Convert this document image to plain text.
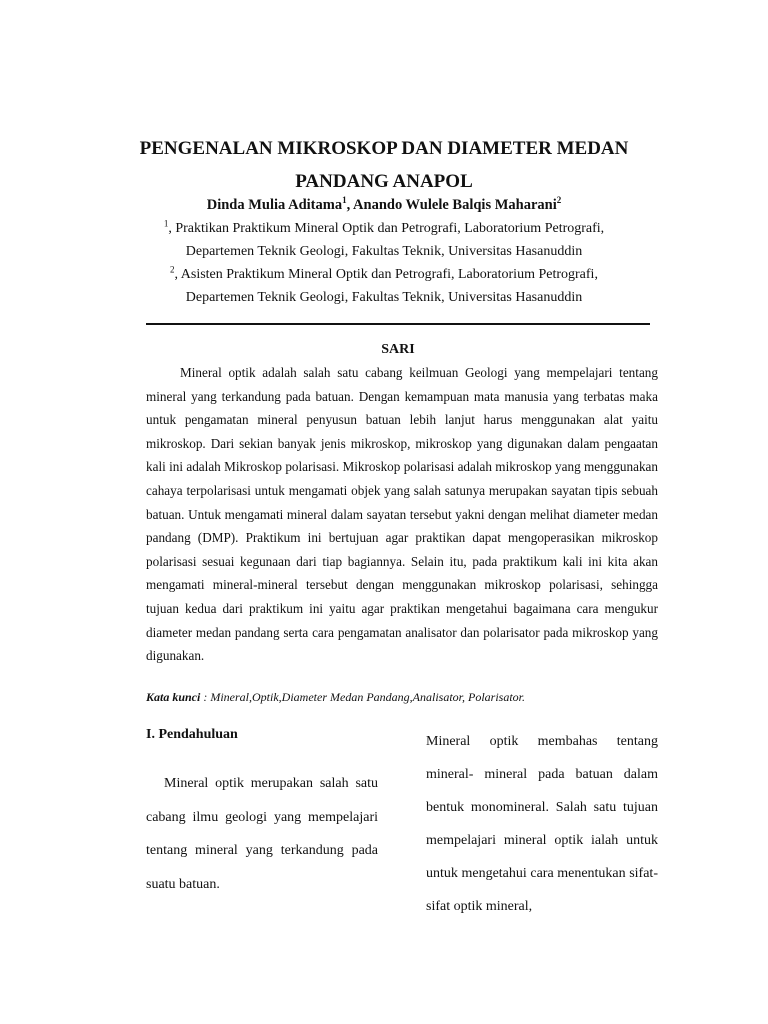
PENGENALAN MIKROSKOP DAN DIAMETER MEDAN
PANDANG ANAPOL

Dinda Mulia Aditama$^1$, Anando Wulele Balqis Maharani$^2$

$^1$, Praktikan Praktikum Mineral Optik dan Petrografi, Laboratorium Petrografi,

Departemen Teknik Geologi, Fakultas Teknik, Universitas Hasanuddin

$^2$, Asisten Praktikum Mineral Optik dan Petrografi, Laboratorium Petrografi,

Departemen Teknik Geologi, Fakultas Teknik, Universitas Hasanuddin

SARI

Mineral optik adalah salah satu cabang keilmuan Geologi yang mempelajari tentang mineral yang terkandung pada batuan. Dengan kemampuan mata manusia yang terbatas maka untuk pengamatan mineral penyusun batuan lebih lanjut harus menggunakan alat yaitu mikroskop. Dari sekian banyak jenis mikroskop, mikroskop yang digunakan dalam pengaatan kali ini adalah Mikroskop polarisasi. Mikroskop polarisasi adalah mikroskop yang menggunakan cahaya terpolarisasi untuk mengamati objek yang salah satunya merupakan sayatan tipis sebuah batuan. Untuk mengamati mineral dalam sayatan tersebut yakni dengan melihat diameter medan pandang (DMP). Praktikum ini bertujuan agar praktikan dapat mengoperasikan mikroskop polarisasi sesuai kegunaan dari tiap bagiannya. Selain itu, pada praktikum kali ini kita akan mengamati mineral-mineral tersebut dengan menggunakan mikroskop polarisasi, sehingga tujuan kedua dari praktikum ini yaitu agar praktikan mengetahui bagaimana cara mengukur diameter medan pandang serta cara pengamatan analisator dan polarisator pada mikroskop yang digunakan.

Kata kunci : Mineral,Optik,Diameter Medan Pandang,Analisator, Polarisator.

I. Pendahuluan

Mineral optik merupakan salah satu cabang ilmu geologi yang mempelajari tentang mineral yang terkandung pada suatu batuan.

Mineral optik membahas tentang mineral- mineral pada batuan dalam bentuk monomineral. Salah satu tujuan mempelajari mineral optik ialah untuk untuk mengetahui cara menentukan sifat-sifat optik mineral,
